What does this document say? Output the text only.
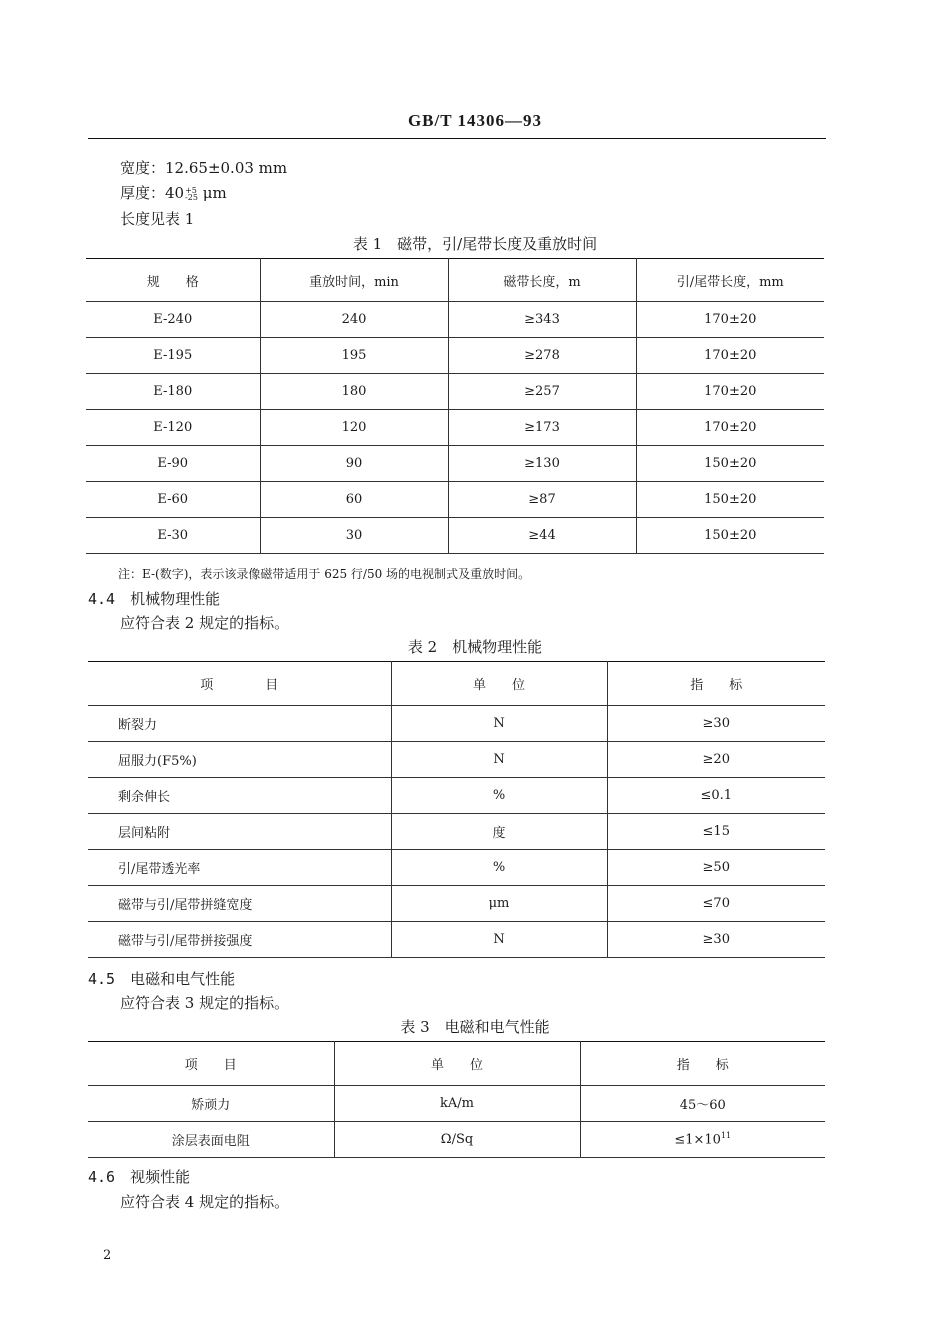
GB/T 14306—93
宽度：12.65±0.03 mm
厚度：40+5
-25 μm
长度见表 1
表 1　磁带，引/尾带长度及重放时间
规　　格	重放时间，min	磁带长度，m	引/尾带长度，mm
E-240	240	≥343	170±20
E-195	195	≥278	170±20
E-180	180	≥257	170±20
E-120	120	≥173	170±20
E-90	90	≥130	150±20
E-60	60	≥87	150±20
E-30	30	≥44	150±20
注：E-(数字)，表示该录像磁带适用于 625 行/50 场的电视制式及重放时间。
4.4　 机械物理性能
应符合表 2 规定的指标。
表 2　机械物理性能
项　　　　目	单　　位	指　　标
断裂力	N	≥30
屈服力(F5%)	N	≥20
剩余伸长	%	≤0.1
层间粘附	度	≤15
引/尾带透光率	%	≥50
磁带与引/尾带拼缝宽度	μm	≤70
磁带与引/尾带拼接强度	N	≥30
4.5　 电磁和电气性能
应符合表 3 规定的指标。
表 3　电磁和电气性能
项　　目	单　　位	指　　标
矫顽力	kA/m	45～60
涂层表面电阻	Ω/Sq	$\le 1\times 10^{11}$
4.6　 视频性能
应符合表 4 规定的指标。
2
